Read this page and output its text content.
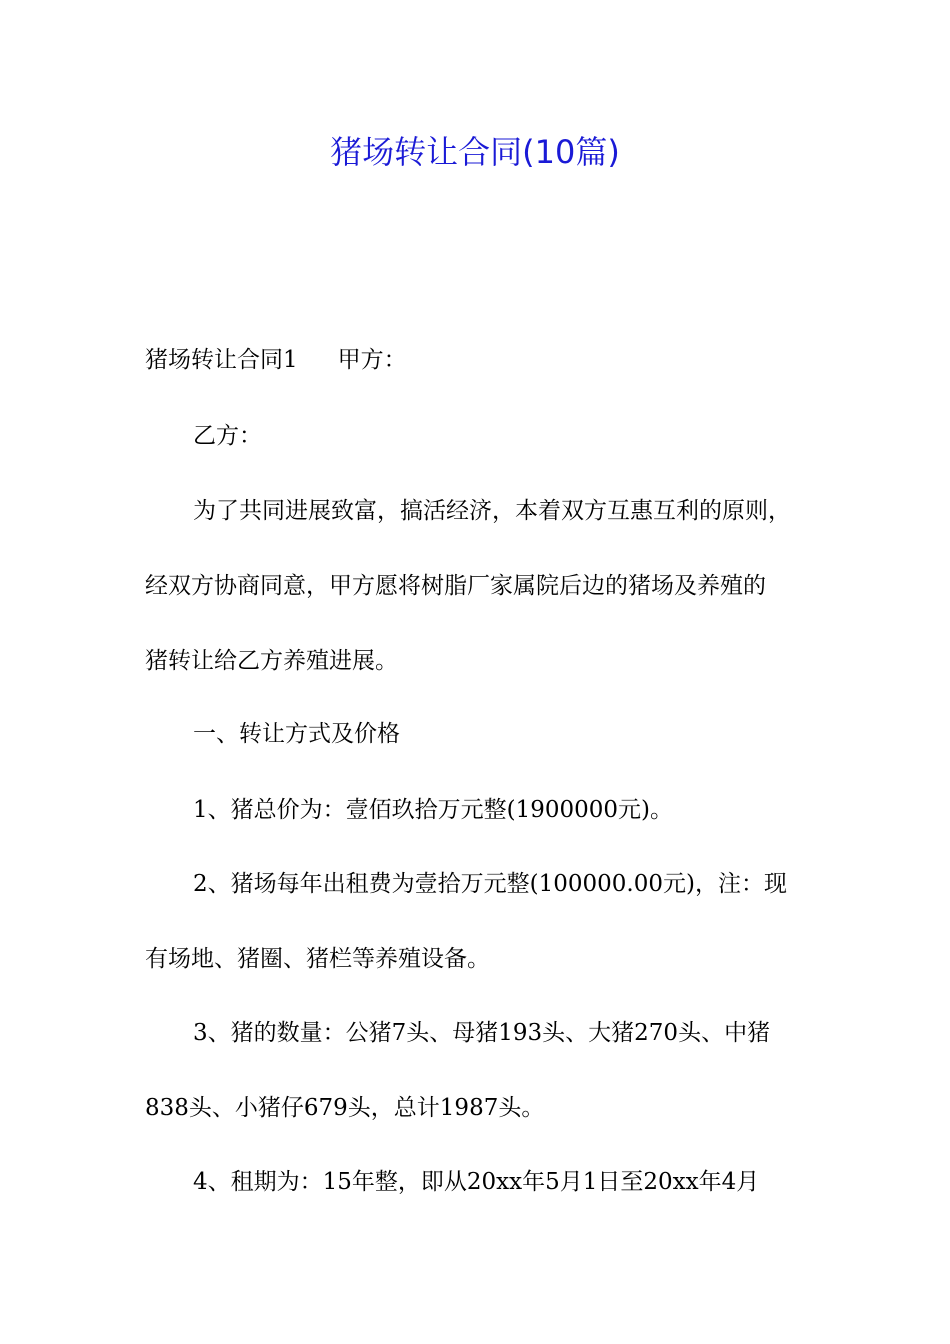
猪场转让合同(10篇)
猪场转让合同1 甲方：
乙方：
为了共同进展致富，搞活经济，本着双方互惠互利的原则，
经双方协商同意，甲方愿将树脂厂家属院后边的猪场及养殖的
猪转让给乙方养殖进展。
一、转让方式及价格
1、猪总价为：壹佰玖拾万元整(1900000元)。
2、猪场每年出租费为壹拾万元整(100000.00元)，注：现
有场地、猪圈、猪栏等养殖设备。
3、猪的数量：公猪7头、母猪193头、大猪270头、中猪
838头、小猪仔679头，总计1987头。
4、租期为：15年整，即从20xx年5月1日至20xx年4月
